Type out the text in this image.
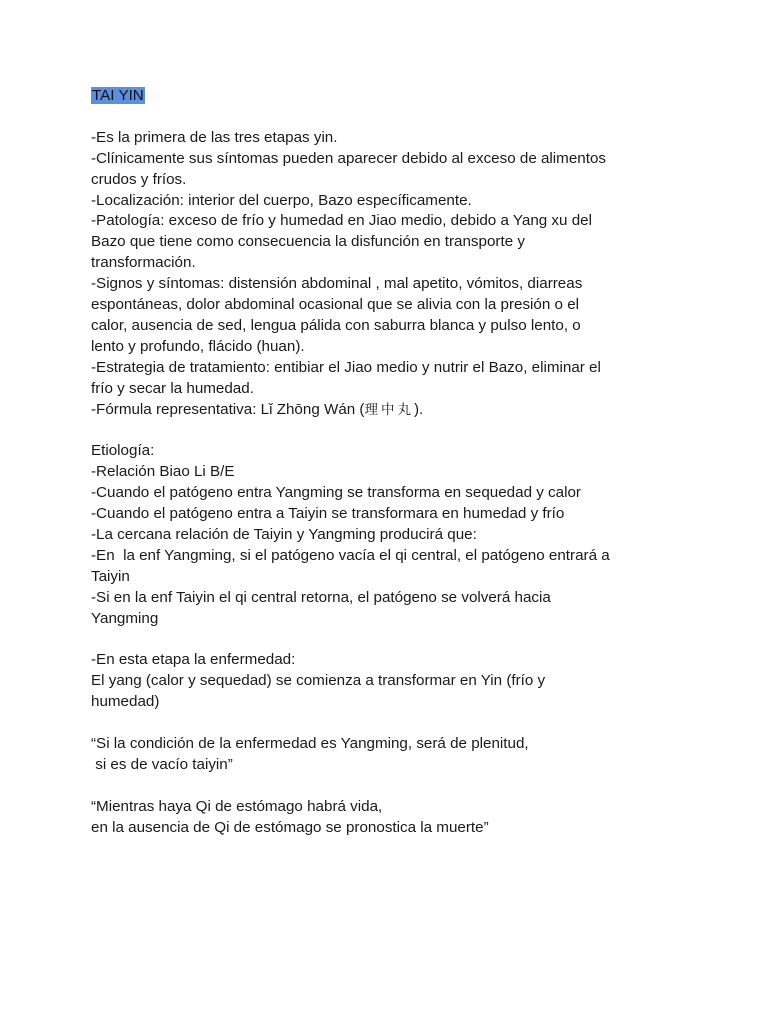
TAI YIN
-Es la primera de las tres etapas yin.
-Clínicamente sus síntomas pueden aparecer debido al exceso de alimentos
crudos y fríos.
-Localización: interior del cuerpo, Bazo específicamente.
-Patología: exceso de frío y humedad en Jiao medio, debido a Yang xu del
Bazo que tiene como consecuencia la disfunción en transporte y
transformación.
-Signos y síntomas: distensión abdominal , mal apetito, vómitos, diarreas
espontáneas, dolor abdominal ocasional que se alivia con la presión o el
calor, ausencia de sed, lengua pálida con saburra blanca y pulso lento, o
lento y profundo, flácido (huan).
-Estrategia de tratamiento: entibiar el Jiao medio y nutrir el Bazo, eliminar el
frío y secar la humedad.
-Fórmula representativa: Lǐ Zhōng Wán (理中丸).
Etiología:
-Relación Biao Li B/E
-Cuando el patógeno entra Yangming se transforma en sequedad y calor
-Cuando el patógeno entra a Taiyin se transformara en humedad y frío
-La cercana relación de Taiyin y Yangming producirá que:
-En  la enf Yangming, si el patógeno vacía el qi central, el patógeno entrará a
Taiyin
-Si en la enf Taiyin el qi central retorna, el patógeno se volverá hacia
Yangming
-En esta etapa la enfermedad:
El yang (calor y sequedad) se comienza a transformar en Yin (frío y
humedad)
“Si la condición de la enfermedad es Yangming, será de plenitud,
si es de vacío taiyin”
“Mientras haya Qi de estómago habrá vida,
en la ausencia de Qi de estómago se pronostica la muerte”
